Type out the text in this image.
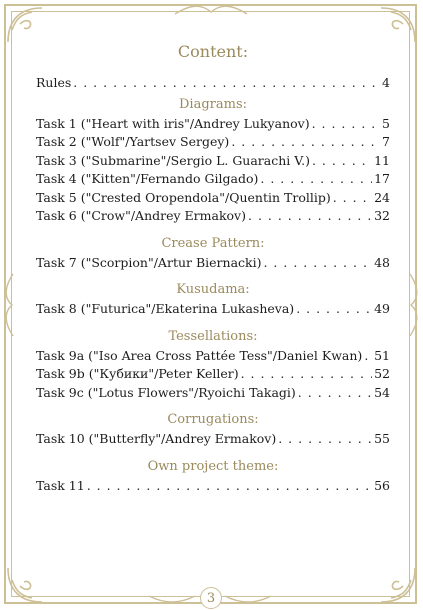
Content:
Rules . . .	4
Diagrams:
Task 1 ("Heart with iris"/Andrey Lukyanov) . . .	5
Task 2 ("Wolf"/Yartsev Sergey) . . .	7
Task 3 ("Submarine"/Sergio L. Guarachi V.) . . .	11
Task 4 ("Kitten"/Fernando Gilgado) . . .	17
Task 5 ("Crested Oropendola"/Quentin Trollip) . . .	24
Task 6 ("Crow"/Andrey Ermakov) . . .	32
Crease Pattern:
Task 7 ("Scorpion"/Artur Biernacki) . . .	48
Kusudama:
Task 8 ("Futurica"/Ekaterina Lukasheva) . . .	49
Tessellations:
Task 9a ("Iso Area Cross Pattée Tess"/Daniel Kwan) . . . 51
Task 9b ("Кубики"/Peter Keller) . . .	52
Task 9c ("Lotus Flowers"/Ryoichi Takagi) . . .	54
Corrugations:
Task 10 ("Butterfly"/Andrey Ermakov) . . .	55
Own project theme:
Task 11 . . .	56
3
